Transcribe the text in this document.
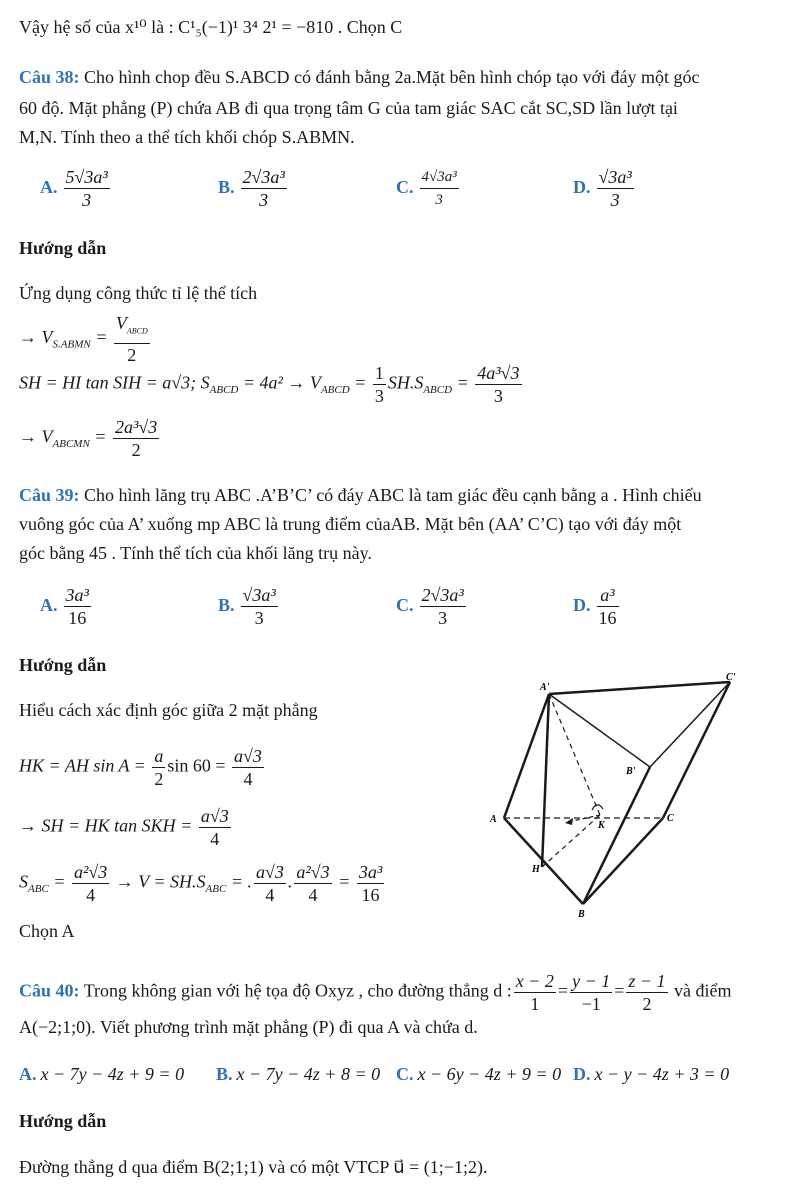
Vậy hệ số của x¹⁰ là : C¹₅(−1)¹ 3⁴ 2¹ = −810 . Chọn C
Câu 38: Cho hình chop đều S.ABCD có đánh bằng 2a.Mặt bên hình chóp tạo với đáy một góc
60 độ. Mặt phẳng (P) chứa AB đi qua trọng tâm G của tam giác SAC cắt SC,SD lần lượt tại
M,N. Tính theo a thể tích khối chóp S.ABMN.
A. $\frac{\text{5√3a³}}{3}$	B. $\frac{\text{2√3a³}}{3}$	C. $\frac{\text{4√3a³}}{3}$	D. $\frac{\text{√3a³}}{3}$
Hướng dẫn
Ứng dụng công thức tỉ lệ thể tích
→ $V_{S.ABMN}$ =
$V_{ABCD}$
2
SH = HI tan SIH = a√3; $S_{ABCD} = 4a^2 \to V_{ABCD} = \frac{1}{3} SH.S_{ABCD} = \frac{\text{4a³√3}}{3}$
→ $V_{ABCMN} = \frac{\text{2a³√3}}{2}$
Câu 39: Cho hình lăng trụ ABC .A’B’C’ có đáy ABC là tam giác đều cạnh bằng a . Hình chiếu
vuông góc của A’ xuống mp ABC là trung điểm củaAB. Mặt bên (AA’ C’C) tạo với đáy một
góc bằng 45 . Tính thể tích của khối lăng trụ này.
A. $\frac{\text{3a³}}{16}$	B. $\frac{\text{√3a³}}{3}$	C. $\frac{\text{2√3a³}}{3}$	D. $\frac{\text{a³}}{16}$
Hướng dẫn
Hiểu cách xác định góc giữa 2 mặt phẳng
HK = AH $\sin A = \frac{a}{2}$ $\sin 60 = \frac{a√3}{4}$
→ SH = HK tan SKH = $\frac{a√3}{4}$
$S_{ABC} = \frac{\text{a²√3}}{4} \to V = SH.S_{ABC}$ = . $\frac{a√3}{4}$ . $\frac{\text{a²√3}}{4} = \frac{\text{3a³}}{16}$
Chọn A
A'
C'
B'
A
K
C
H
B
Câu 40: Trong không gian với hệ tọa độ Oxyz , cho đường thẳng d : $\frac{x - 2}{1} = \frac{y - 1}{-1} = \frac{z - 1}{2}$ và điểm
A(−2;1;0). Viết phương trình mặt phẳng (P) đi qua A và chứa d.
A. x − 7y − 4z + 9 = 0 B. x − 7y − 4z + 8 = 0 C. x − 6y − 4z + 9 = 0 D. x − y − 4z + 3 = 0
Hướng dẫn
Đường thẳng d qua điểm B(2;1;1) và có một VTCP u⃗ = (1;−1;2).
